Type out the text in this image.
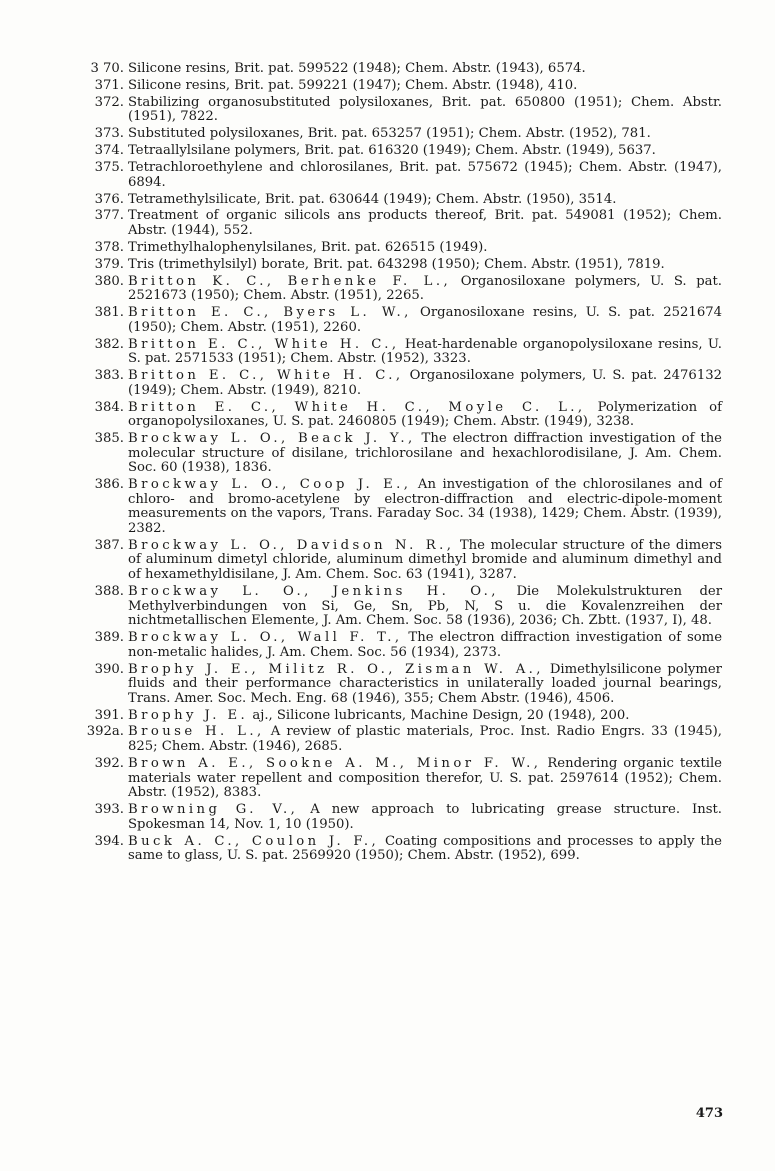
3 70. Silicone resins, Brit. pat. 599522 (1948); Chem. Abstr. (1943), 6574.
371. Silicone resins, Brit. pat. 599221 (1947); Chem. Abstr. (1948), 410.
372. Stabilizing organosubstituted polysiloxanes, Brit. pat. 650800 (1951); Chem. Abstr. (1951), 7822.
373. Substituted polysiloxanes, Brit. pat. 653257 (1951); Chem. Abstr. (1952), 781.
374. Tetraallylsilane polymers, Brit. pat. 616320 (1949); Chem. Abstr. (1949), 5637.
375. Tetrachloroethylene and chlorosilanes, Brit. pat. 575672 (1945); Chem. Abstr. (1947), 6894.
376. Tetramethylsilicate, Brit. pat. 630644 (1949); Chem. Abstr. (1950), 3514.
377. Treatment of organic silicols ans products thereof, Brit. pat. 549081 (1952); Chem. Abstr. (1944), 552.
378. Trimethylhalophenylsilanes, Brit. pat. 626515 (1949).
379. Tris (trimethylsilyl) borate, Brit. pat. 643298 (1950); Chem. Abstr. (1951), 7819.
380. Britton K. C., Berhenke F. L., Organosiloxane polymers, U. S. pat. 2521673 (1950); Chem. Abstr. (1951), 2265.
381. Britton E. C., Byers L. W., Organosiloxane resins, U. S. pat. 2521674 (1950); Chem. Abstr. (1951), 2260.
382. Britton E. C., White H. C., Heat-hardenable organopolysiloxane resins, U. S. pat. 2571533 (1951); Chem. Abstr. (1952), 3323.
383. Britton E. C., White H. C., Organosiloxane polymers, U. S. pat. 2476132 (1949); Chem. Abstr. (1949), 8210.
384. Britton E. C., White H. C., Moyle C. L., Polymerization of organopolysiloxanes, U. S. pat. 2460805 (1949); Chem. Abstr. (1949), 3238.
385. Brockway L. O., Beack J. Y., The electron diffraction investigation of the molecular structure of disilane, trichlorosilane and hexachlorodisilane, J. Am. Chem. Soc. 60 (1938), 1836.
386. Brockway L. O., Coop J. E., An investigation of the chlorosilanes and of chloro- and bromo-acetylene by electron-diffraction and electric-dipole-moment measurements on the vapors, Trans. Faraday Soc. 34 (1938), 1429; Chem. Abstr. (1939), 2382.
387. Brockway L. O., Davidson N. R., The molecular structure of the dimers of aluminum dimetyl chloride, aluminum dimethyl bromide and aluminum dimethyl and of hexamethyldisilane, J. Am. Chem. Soc. 63 (1941), 3287.
388. Brockway L. O., Jenkins H. O., Die Molekulstrukturen der Methylverbindungen von Si, Ge, Sn, Pb, N, S u. die Kovalenzreihen der nichtmetallischen Elemente, J. Am. Chem. Soc. 58 (1936), 2036; Ch. Zbtt. (1937, I), 48.
389. Brockway L. O., Wall F. T., The electron diffraction investigation of some non-metalic halides, J. Am. Chem. Soc. 56 (1934), 2373.
390. Brophy J. E., Militz R. O., Zisman W. A., Dimethylsilicone polymer fluids and their performance characteristics in unilaterally loaded journal bearings, Trans. Amer. Soc. Mech. Eng. 68 (1946), 355; Chem Abstr. (1946), 4506.
391. Brophy J. E. aj., Silicone lubricants, Machine Design, 20 (1948), 200.
392a. Brouse H. L., A review of plastic materials, Proc. Inst. Radio Engrs. 33 (1945), 825; Chem. Abstr. (1946), 2685.
392. Brown A. E., Sookne A. M., Minor F. W., Rendering organic textile materials water repellent and composition therefor, U. S. pat. 2597614 (1952); Chem. Abstr. (1952), 8383.
393. Browning G. V., A new approach to lubricating grease structure. Inst. Spokesman 14, Nov. 1, 10 (1950).
394. Buck A. C., Coulon J. F., Coating compositions and processes to apply the same to glass, U. S. pat. 2569920 (1950); Chem. Abstr. (1952), 699.
473
